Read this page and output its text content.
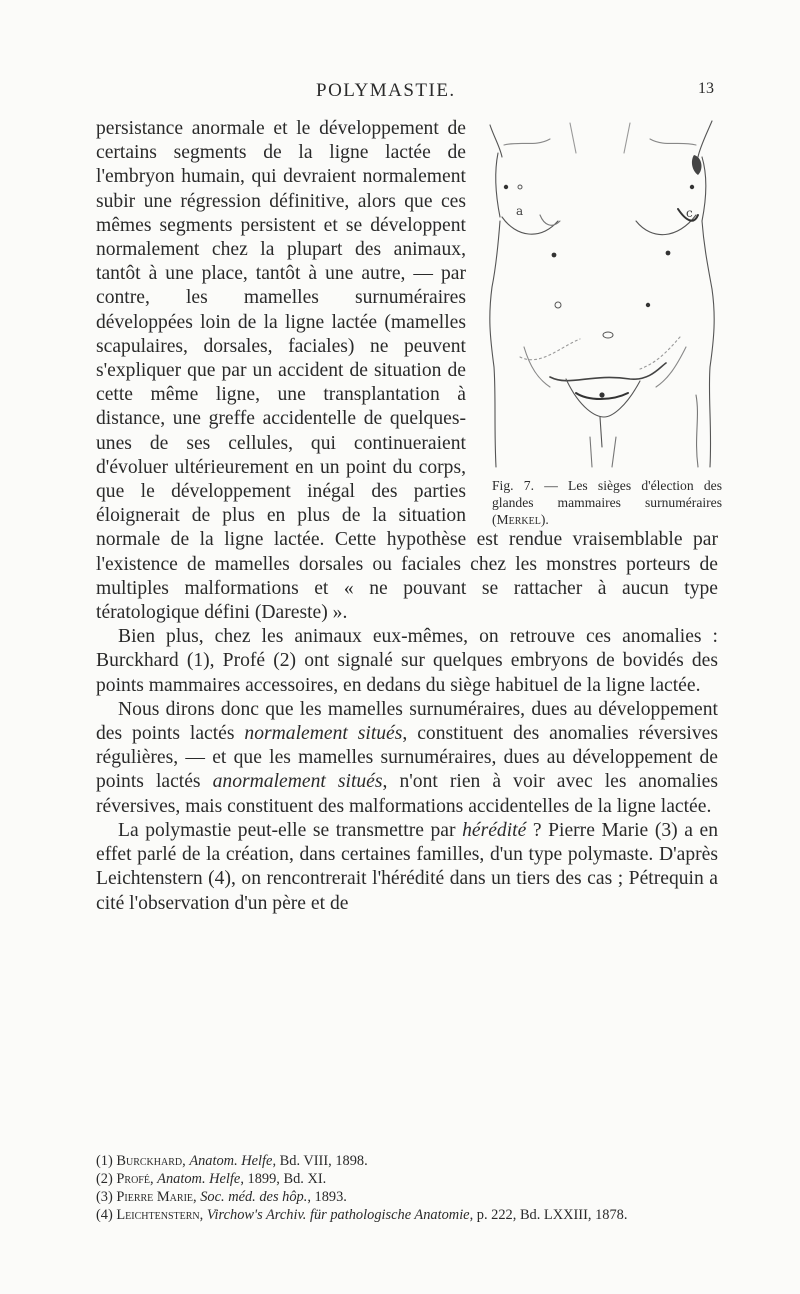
POLYMASTIE.	13

a	c
Fig. 7. — Les sièges d'élection des glandes mammaires surnuméraires (Merkel).
persistance anormale et le développement de certains segments de la ligne lactée de l'embryon humain, qui devraient normalement subir une régression définitive, alors que ces mêmes segments persistent et se développent normalement chez la plupart des animaux, tantôt à une place, tantôt à une autre, — par contre, les mamelles surnuméraires développées loin de la ligne lactée (mamelles scapulaires, dorsales, faciales) ne peuvent s'expliquer que par un accident de situation de cette même ligne, une transplantation à distance, une greffe accidentelle de quelques-unes de ses cellules, qui continueraient d'évoluer ultérieurement en un point du corps, que le développement inégal des parties éloignerait de plus en plus de la situation normale de la ligne lactée. Cette hypothèse est rendue vraisemblable par l'existence de mamelles dorsales ou faciales chez les monstres porteurs de multiples malformations et « ne pouvant se rattacher à aucun type tératologique défini (Dareste) ».

Bien plus, chez les animaux eux-mêmes, on retrouve ces anomalies : Burckhard (1), Profé (2) ont signalé sur quelques embryons de bovidés des points mammaires accessoires, en dedans du siège habituel de la ligne lactée.

Nous dirons donc que les mamelles surnuméraires, dues au développement des points lactés normalement situés, constituent des anomalies réversives régulières, — et que les mamelles surnuméraires, dues au développement de points lactés anormalement situés, n'ont rien à voir avec les anomalies réversives, mais constituent des malformations accidentelles de la ligne lactée.

La polymastie peut-elle se transmettre par hérédité ? Pierre Marie (3) a en effet parlé de la création, dans certaines familles, d'un type polymaste. D'après Leichtenstern (4), on rencontrerait l'hérédité dans un tiers des cas ; Pétrequin a cité l'observation d'un père et de

(1) Burckhard, Anatom. Helfe, Bd. VIII, 1898.
(2) Profé, Anatom. Helfe, 1899, Bd. XI.
(3) Pierre Marie, Soc. méd. des hôp., 1893.
(4) Leichtenstern, Virchow's Archiv. für pathologische Anatomie, p. 222, Bd. LXXIII, 1878.
